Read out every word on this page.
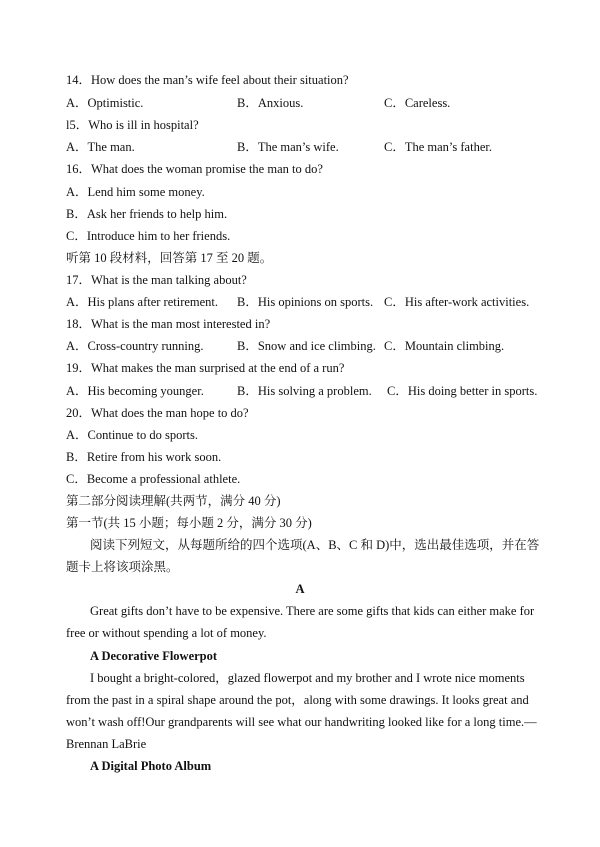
14．How does the man’s wife feel about their situation?
A．Optimistic.	B．Anxious.	C．Careless.
l5．Who is ill in hospital?
A．The man.	B．The man’s wife.	C．The man’s father.
16．What does the woman promise the man to do?
A．Lend him some money.
B．Ask her friends to help him.
C．Introduce him to her friends.
听第 10 段材料，回答第 17 至 20 题。
17．What is the man talking about?
A．His plans after retirement. B．His opinions on sports. C．His after-work activities.
18．What is the man most interested in?
A．Cross-country running.	B．Snow and ice climbing. C．Mountain climbing.
19．What makes the man surprised at the end of a run?
A．His becoming younger.	B．His solving a problem. C．His doing better in sports.
20．What does the man hope to do?
A．Continue to do sports.
B．Retire from his work soon.
C．Become a professional athlete.
第二部分阅读理解(共两节，满分 40 分)
第一节(共 15 小题；每小题 2 分，满分 30 分)
阅读下列短文，从每题所给的四个选项(A、B、C 和 D)中，选出最佳选项，并在答
题卡上将该项涂黑。
A
Great gifts don’t have to be expensive. There are some gifts that kids can either make for
free or without spending a lot of money.
A Decorative Flowerpot
I bought a bright-colored，glazed flowerpot and my brother and I wrote nice moments
from the past in a spiral shape around the pot，along with some drawings. It looks great and
won’t wash off!Our grandparents will see what our handwriting looked like for a long time.—
Brennan LaBrie
A Digital Photo Album
